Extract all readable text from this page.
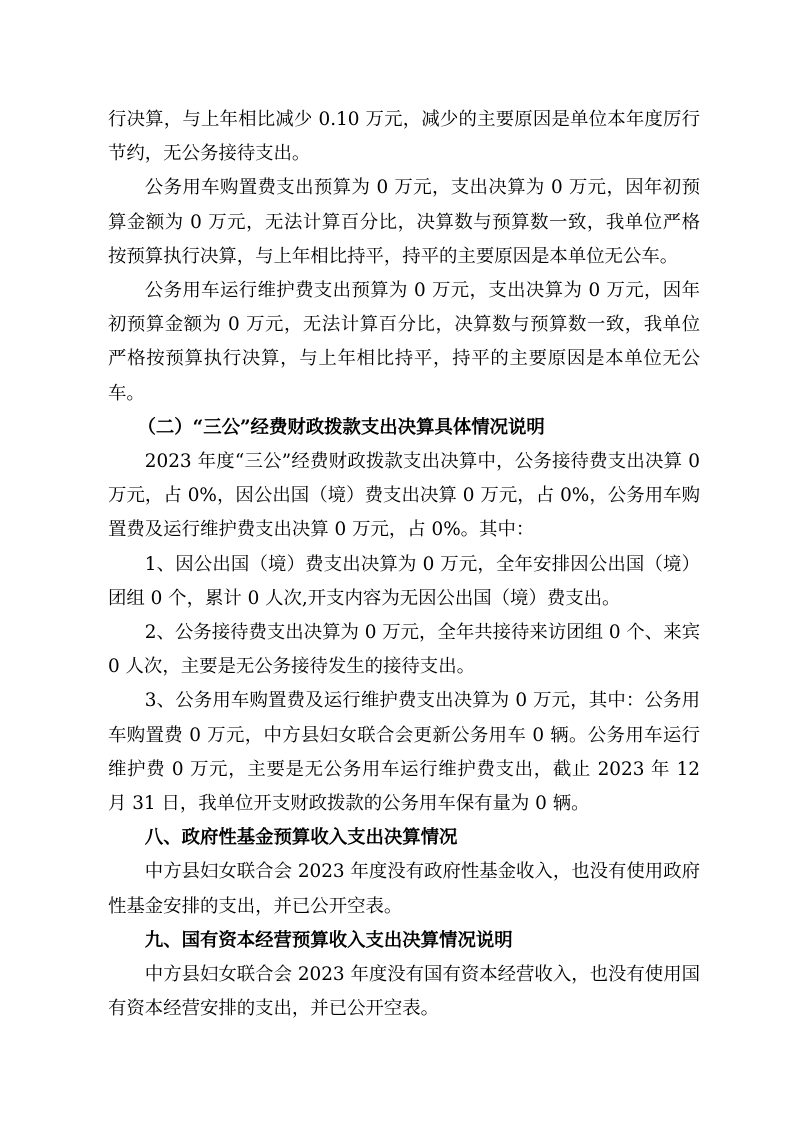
行决算，与上年相比减少 0.10 万元，减少的主要原因是单位本年度厉行节约，无公务接待支出。

公务用车购置费支出预算为 0 万元，支出决算为 0 万元，因年初预算金额为 0 万元，无法计算百分比，决算数与预算数一致，我单位严格按预算执行决算，与上年相比持平，持平的主要原因是本单位无公车。

公务用车运行维护费支出预算为 0 万元，支出决算为 0 万元，因年初预算金额为 0 万元，无法计算百分比，决算数与预算数一致，我单位严格按预算执行决算，与上年相比持平，持平的主要原因是本单位无公车。

（二）“三公”经费财政拨款支出决算具体情况说明

2023 年度“三公”经费财政拨款支出决算中，公务接待费支出决算 0 万元，占 0%，因公出国（境）费支出决算 0 万元，占 0%，公务用车购置费及运行维护费支出决算 0 万元，占 0%。其中：

1、因公出国（境）费支出决算为 0 万元，全年安排因公出国（境）团组 0 个，累计 0 人次,开支内容为无因公出国（境）费支出。

2、公务接待费支出决算为 0 万元，全年共接待来访团组 0 个、来宾 0 人次，主要是无公务接待发生的接待支出。

3、公务用车购置费及运行维护费支出决算为 0 万元，其中：公务用车购置费 0 万元，中方县妇女联合会更新公务用车 0 辆。公务用车运行维护费 0 万元，主要是无公务用车运行维护费支出，截止 2023 年 12 月 31 日，我单位开支财政拨款的公务用车保有量为 0 辆。

八、政府性基金预算收入支出决算情况

中方县妇女联合会 2023 年度没有政府性基金收入，也没有使用政府性基金安排的支出，并已公开空表。

九、国有资本经营预算收入支出决算情况说明

中方县妇女联合会 2023 年度没有国有资本经营收入，也没有使用国有资本经营安排的支出，并已公开空表。
